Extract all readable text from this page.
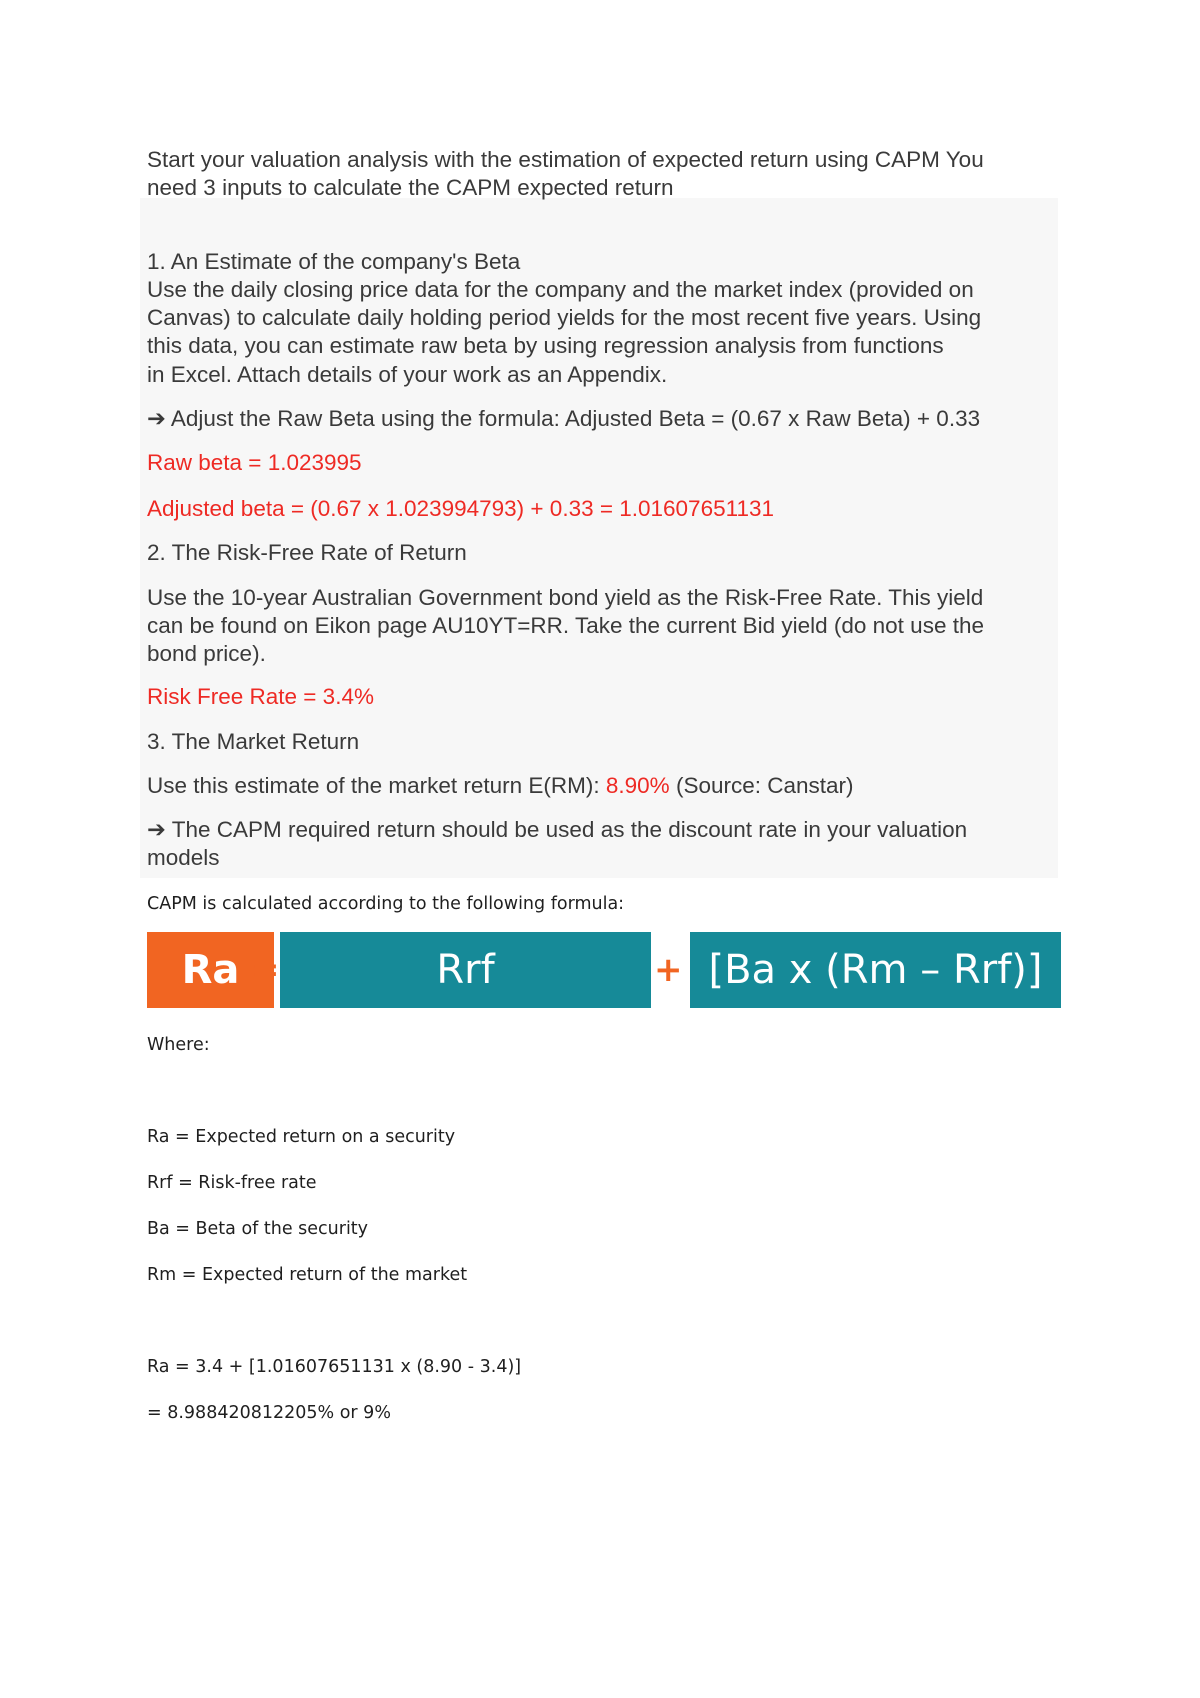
Start your valuation analysis with the estimation of expected return using CAPM You

need 3 inputs to calculate the CAPM expected return

1. An Estimate of the company's Beta

Use the daily closing price data for the company and the market index (provided on

Canvas) to calculate daily holding period yields for the most recent five years. Using

this data, you can estimate raw beta by using regression analysis from functions

in Excel. Attach details of your work as an Appendix.

➔ Adjust the Raw Beta using the formula: Adjusted Beta = (0.67 x Raw Beta) + 0.33

Raw beta = 1.023995

Adjusted beta = (0.67 x 1.023994793) + 0.33 = 1.01607651131

2. The Risk-Free Rate of Return

Use the 10-year Australian Government bond yield as the Risk-Free Rate. This yield

can be found on Eikon page AU10YT=RR. Take the current Bid yield (do not use the

bond price).

Risk Free Rate = 3.4%

3. The Market Return

Use this estimate of the market return E(RM): 8.90% (Source: Canstar)

➔ The CAPM required return should be used as the discount rate in your valuation

models

CAPM is calculated according to the following formula:

Ra =	Rrf	+ [Ba x (Rm – Rrf)]

Where:

Ra = Expected return on a security

Rrf = Risk-free rate

Ba = Beta of the security

Rm = Expected return of the market

Ra = 3.4 + [1.01607651131 x (8.90 - 3.4)]

= 8.988420812205% or 9%
